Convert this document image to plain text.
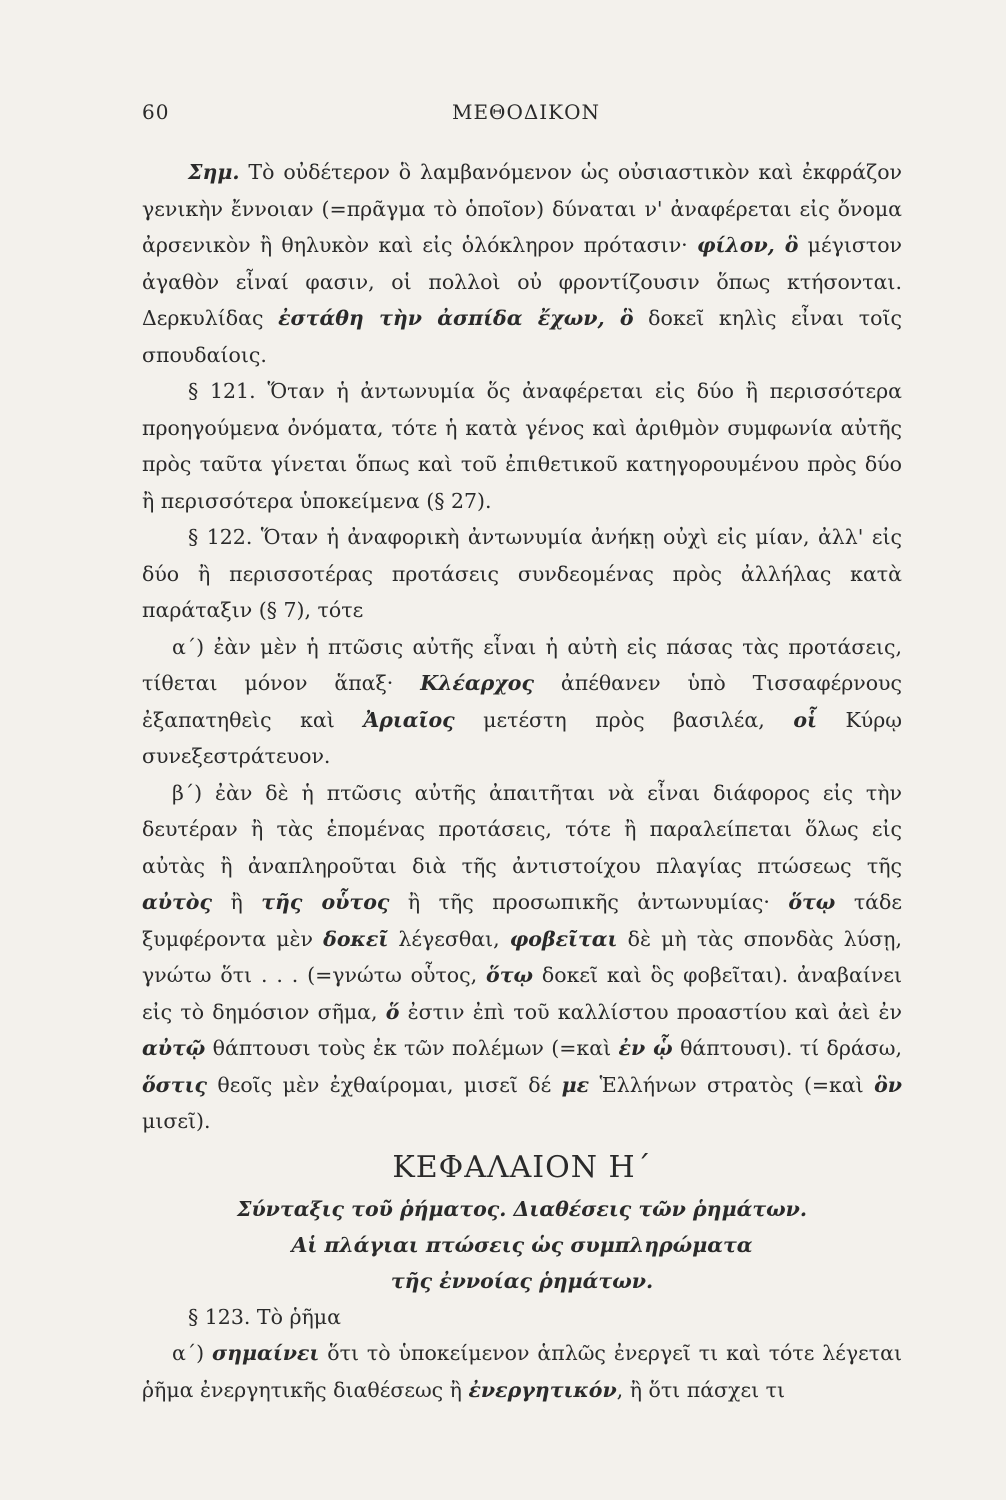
60	ΜΕΘΟΔΙΚΟΝ

Σημ. Τὸ οὐδέτερον ὃ λαμβανόμενον ὡς οὐσιαστικὸν καὶ ἐκφράζον γενικὴν ἔννοιαν (=πρᾶγμα τὸ ὁποῖον) δύναται ν' ἀναφέρεται εἰς ὄνομα ἀρσενικὸν ἢ θηλυκὸν καὶ εἰς ὁλόκληρον πρότασιν· φίλον, ὃ μέγιστον ἀγαθὸν εἶναί φασιν, οἱ πολλοὶ οὐ φροντίζουσιν ὅπως κτήσονται. Δερκυλίδας ἐστάθη τὴν ἀσπίδα ἔχων, ὃ δοκεῖ κηλὶς εἶναι τοῖς σπουδαίοις.

§ 121. Ὅταν ἡ ἀντωνυμία ὅς ἀναφέρεται εἰς δύο ἢ περισσότερα προηγούμενα ὀνόματα, τότε ἡ κατὰ γένος καὶ ἀριθμὸν συμφωνία αὐτῆς πρὸς ταῦτα γίνεται ὅπως καὶ τοῦ ἐπιθετικοῦ κατηγορουμένου πρὸς δύο ἢ περισσότερα ὑποκείμενα (§ 27).

§ 122. Ὅταν ἡ ἀναφορικὴ ἀντωνυμία ἀνήκῃ οὐχὶ εἰς μίαν, ἀλλ' εἰς δύο ἢ περισσοτέρας προτάσεις συνδεομένας πρὸς ἀλλήλας κατὰ παράταξιν (§ 7), τότε

α΄) ἐὰν μὲν ἡ πτῶσις αὐτῆς εἶναι ἡ αὐτὴ εἰς πάσας τὰς προτάσεις, τίθεται μόνον ἅπαξ· Κλέαρχος ἀπέθανεν ὑπὸ Τισσαφέρνους ἐξαπατηθεὶς καὶ Ἀριαῖος μετέστη πρὸς βασιλέα, οἷ Κύρῳ συνεξεστράτευον.

β΄) ἐὰν δὲ ἡ πτῶσις αὐτῆς ἀπαιτῆται νὰ εἶναι διάφορος εἰς τὴν δευτέραν ἢ τὰς ἑπομένας προτάσεις, τότε ἢ παραλείπεται ὅλως εἰς αὐτὰς ἢ ἀναπληροῦται διὰ τῆς ἀντιστοίχου πλαγίας πτώσεως τῆς αὐτὸς ἢ τῆς οὗτος ἢ τῆς προσωπικῆς ἀντωνυμίας· ὅτῳ τάδε ξυμφέροντα μὲν δοκεῖ λέγεσθαι, φοβεῖται δὲ μὴ τὰς σπονδὰς λύσῃ, γνώτω ὅτι . . . (=γνώτω οὗτος, ὅτῳ δοκεῖ καὶ ὃς φοβεῖται). ἀναβαίνει εἰς τὸ δημόσιον σῆμα, ὅ ἐστιν ἐπὶ τοῦ καλλίστου προαστίου καὶ ἀεὶ ἐν αὐτῷ θάπτουσι τοὺς ἐκ τῶν πολέμων (=καὶ ἐν ᾧ θάπτουσι). τί δράσω, ὅστις θεοῖς μὲν ἐχθαίρομαι, μισεῖ δέ με Ἑλλήνων στρατὸς (=καὶ ὃν μισεῖ).

ΚΕΦΑΛΑΙΟΝ Η΄
Σύνταξις τοῦ ῥήματος. Διαθέσεις τῶν ῥημάτων.
Αἱ πλάγιαι πτώσεις ὡς συμπληρώματα
τῆς ἐννοίας ῥημάτων.

§ 123. Τὸ ῥῆμα

α΄) σημαίνει ὅτι τὸ ὑποκείμενον ἁπλῶς ἐνεργεῖ τι καὶ τότε λέγεται ῥῆμα ἐνεργητικῆς διαθέσεως ἢ ἐνεργητικόν, ἢ ὅτι πάσχει τι
